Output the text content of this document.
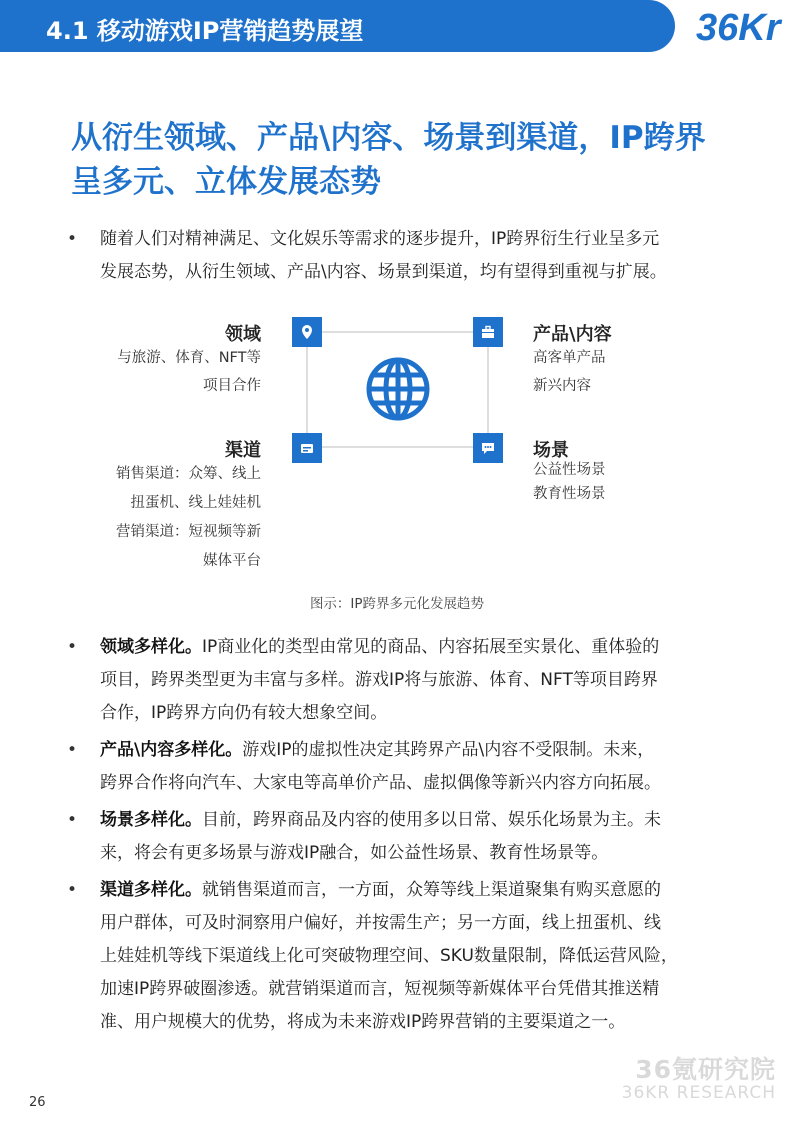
4.1 移动游戏IP营销趋势展望	36Kr
从衍生领域、产品\内容、场景到渠道，IP跨界
呈多元、立体发展态势
• 随着人们对精神满足、文化娱乐等需求的逐步提升，IP跨界衍生行业呈多元
发展态势，从衍生领域、产品\内容、场景到渠道，均有望得到重视与扩展。
领域
与旅游、体育、NFT等
项目合作
产品\内容
高客单产品
新兴内容
渠道
销售渠道：众筹、线上
扭蛋机、线上娃娃机
营销渠道：短视频等新
媒体平台
场景
公益性场景
教育性场景
图示：IP跨界多元化发展趋势
• 领域多样化。IP商业化的类型由常见的商品、内容拓展至实景化、重体验的
项目，跨界类型更为丰富与多样。游戏IP将与旅游、体育、NFT等项目跨界
合作，IP跨界方向仍有较大想象空间。
• 产品\内容多样化。游戏IP的虚拟性决定其跨界产品\内容不受限制。未来，
跨界合作将向汽车、大家电等高单价产品、虚拟偶像等新兴内容方向拓展。
• 场景多样化。目前，跨界商品及内容的使用多以日常、娱乐化场景为主。未
来，将会有更多场景与游戏IP融合，如公益性场景、教育性场景等。
• 渠道多样化。就销售渠道而言，一方面，众筹等线上渠道聚集有购买意愿的
用户群体，可及时洞察用户偏好，并按需生产；另一方面，线上扭蛋机、线
上娃娃机等线下渠道线上化可突破物理空间、SKU数量限制，降低运营风险，
加速IP跨界破圈渗透。就营销渠道而言，短视频等新媒体平台凭借其推送精
准、用户规模大的优势，将成为未来游戏IP跨界营销的主要渠道之一。
36氪研究院
36KR RESEARCH
26
